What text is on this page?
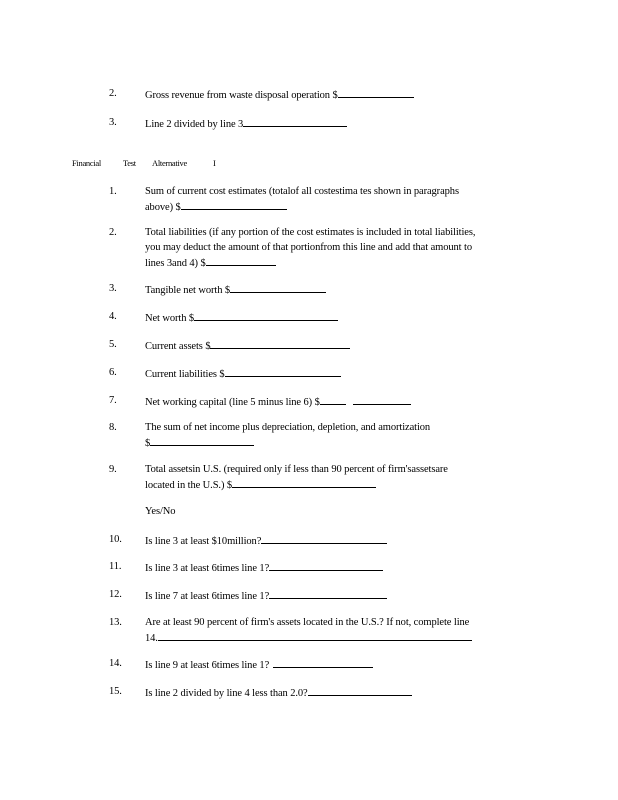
2.	Gross revenue from waste disposal operation $
3.	Line 2 divided by line 3
Financial	Test Alternative	I
1.	Sum of current cost estimates (totalof all costestima tes shown in paragraphs
above) $
2.	Total liabilities (if any portion of the cost estimates is included in total liabilities,
you may deduct the amount of that portionfrom this line and add that amount to
lines 3and 4) $
3.	Tangible net worth $
4.	Net worth $
5.	Current assets $
6.	Current liabilities $
7.	Net working capital (line 5 minus line 6) $
8.	The sum of net income plus depreciation, depletion, and amortization
$
9.	Total assetsin U.S. (required only if less than 90 percent of firm'sassetsare
located in the U.S.) $
Yes/No
10. Is line 3 at least $10million?
11. Is line 3 at least 6times line 1?
12. Is line 7 at least 6times line 1?
13. Are at least 90 percent of firm's assets located in the U.S.? If not, complete line
14.
14. Is line 9 at least 6times line 1?
15. Is line 2 divided by line 4 less than 2.0?
